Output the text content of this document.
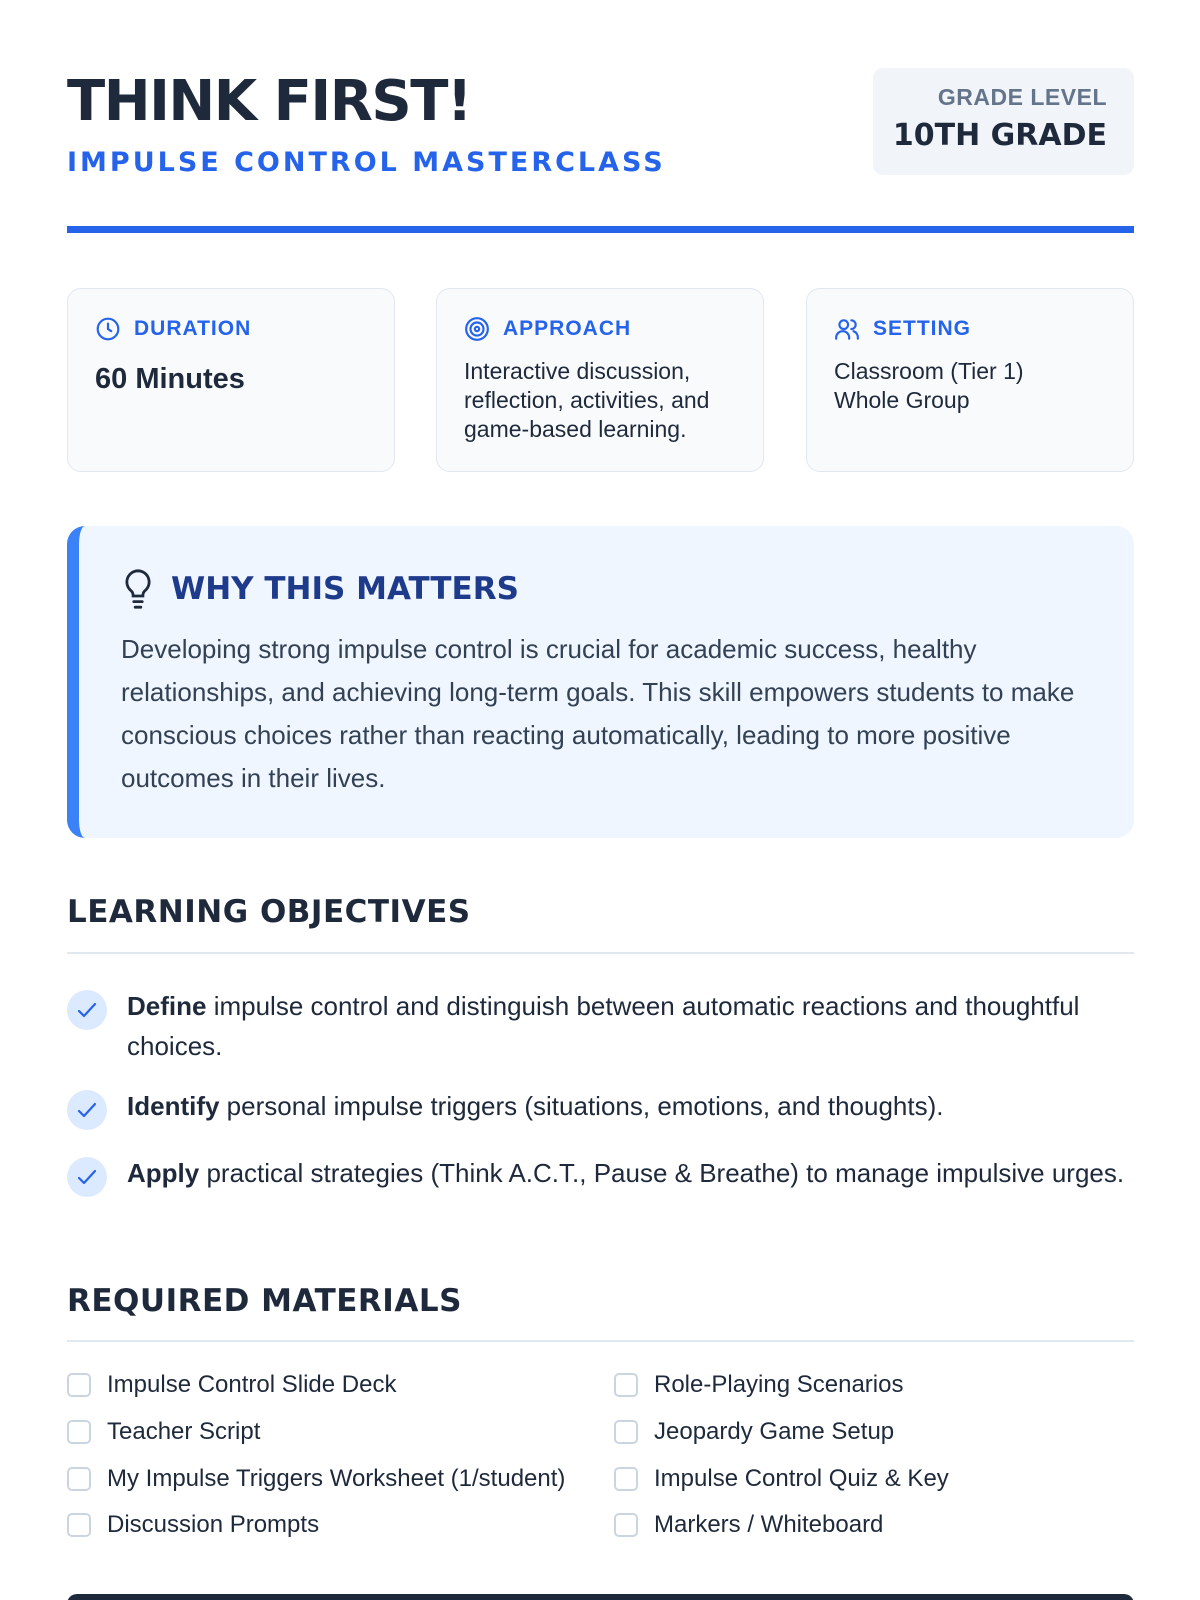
THINK FIRST!
IMPULSE CONTROL MASTERCLASS
GRADE LEVEL
10TH GRADE
DURATION
60 Minutes
APPROACH
Interactive discussion, reflection, activities, and game-based learning.
SETTING
Classroom (Tier 1) Whole Group
WHY THIS MATTERS
Developing strong impulse control is crucial for academic success, healthy relationships, and achieving long-term goals. This skill empowers students to make conscious choices rather than reacting automatically, leading to more positive outcomes in their lives.
LEARNING OBJECTIVES
Define impulse control and distinguish between automatic reactions and thoughtful choices.
Identify personal impulse triggers (situations, emotions, and thoughts).
Apply practical strategies (Think A.C.T., Pause & Breathe) to manage impulsive urges.
REQUIRED MATERIALS
Impulse Control Slide Deck
Teacher Script
My Impulse Triggers Worksheet (1/student)
Discussion Prompts
Role-Playing Scenarios
Jeopardy Game Setup
Impulse Control Quiz & Key
Markers / Whiteboard
